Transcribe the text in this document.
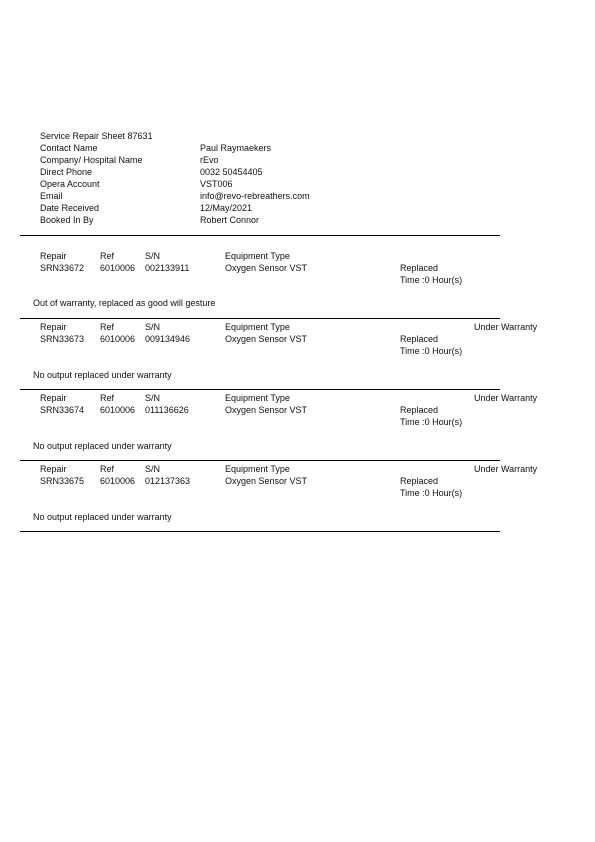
Service Repair Sheet 87631
Contact Name	Paul Raymaekers
Company/ Hospital Name	rEvo
Direct Phone	0032 50454405
Opera Account	VST006
Email	info@revo-rebreathers.com
Date Received	12/May/2021
Booked In By	Robert Connor
Repair	Ref	S/N	Equipment Type
SRN33672 6010006 002133911	Oxygen Sensor VST	Replaced
Time :0 Hour(s)
Out of warranty, replaced as good will gesture
Repair	Ref	S/N	Equipment Type	Under Warranty
SRN33673 6010006 009134946	Oxygen Sensor VST	Replaced
Time :0 Hour(s)
No output replaced under warranty
Repair	Ref	S/N	Equipment Type	Under Warranty
SRN33674 6010006 011136626	Oxygen Sensor VST	Replaced
Time :0 Hour(s)
No output replaced under warranty
Repair	Ref	S/N	Equipment Type	Under Warranty
SRN33675 6010006 012137363	Oxygen Sensor VST	Replaced
Time :0 Hour(s)
No output replaced under warranty
